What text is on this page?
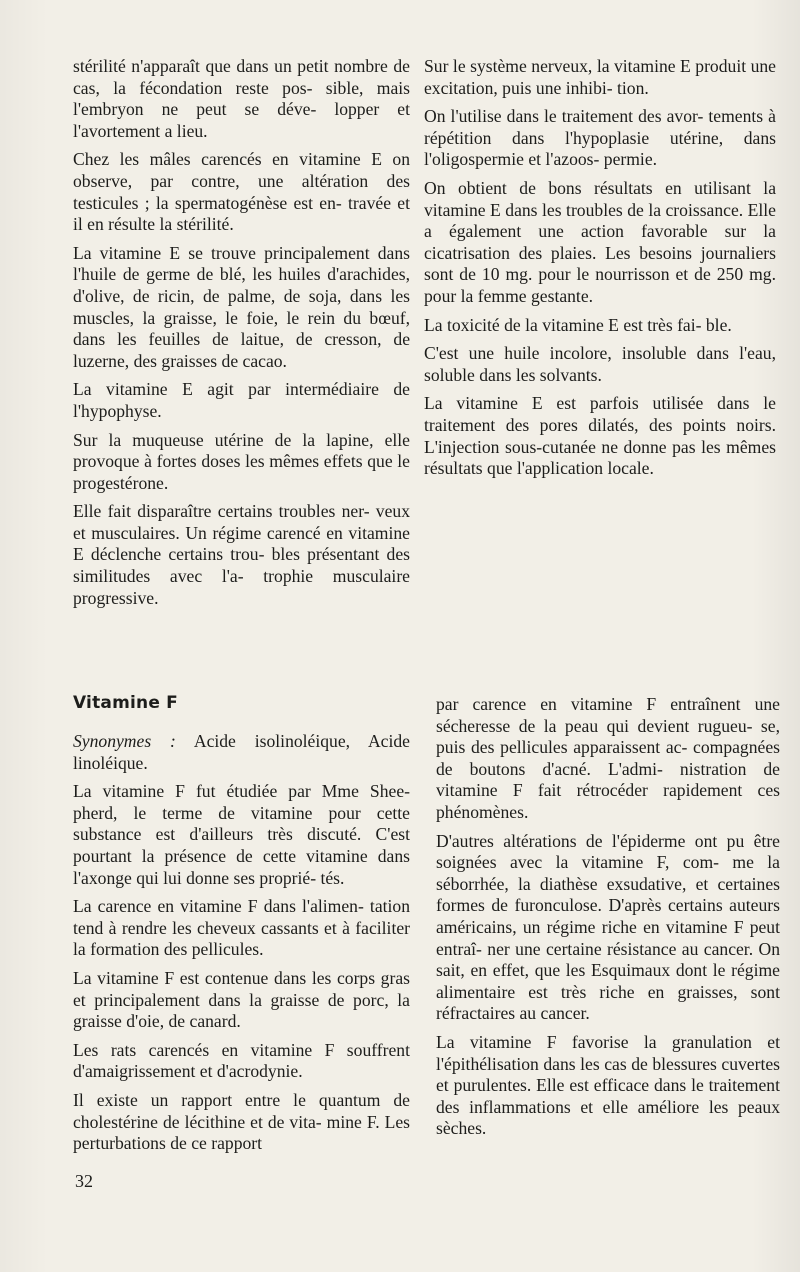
stérilité n'apparaît que dans un petit nombre de cas, la fécondation reste pos- sible, mais l'embryon ne peut se déve- lopper et l'avortement a lieu.

Chez les mâles carencés en vitamine E on observe, par contre, une altération des testicules ; la spermatogénèse est en- travée et il en résulte la stérilité.

La vitamine E se trouve principalement dans l'huile de germe de blé, les huiles d'arachides, d'olive, de ricin, de palme, de soja, dans les muscles, la graisse, le foie, le rein du bœuf, dans les feuilles de laitue, de cresson, de luzerne, des graisses de cacao.

La vitamine E agit par intermédiaire de l'hypophyse.

Sur la muqueuse utérine de la lapine, elle provoque à fortes doses les mêmes effets que le progestérone.

Elle fait disparaître certains troubles ner- veux et musculaires. Un régime carencé en vitamine E déclenche certains trou- bles présentant des similitudes avec l'a- trophie musculaire progressive.

Sur le système nerveux, la vitamine E produit une excitation, puis une inhibi- tion.

On l'utilise dans le traitement des avor- tements à répétition dans l'hypoplasie utérine, dans l'oligospermie et l'azoos- permie.

On obtient de bons résultats en utilisant la vitamine E dans les troubles de la croissance. Elle a également une action favorable sur la cicatrisation des plaies. Les besoins journaliers sont de 10 mg. pour le nourrisson et de 250 mg. pour la femme gestante.

La toxicité de la vitamine E est très fai- ble.

C'est une huile incolore, insoluble dans l'eau, soluble dans les solvants.

La vitamine E est parfois utilisée dans le traitement des pores dilatés, des points noirs. L'injection sous-cutanée ne donne pas les mêmes résultats que l'application locale.

Vitamine F

Synonymes : Acide isolinoléique, Acide linoléique.

La vitamine F fut étudiée par Mme Shee- pherd, le terme de vitamine pour cette substance est d'ailleurs très discuté. C'est pourtant la présence de cette vitamine dans l'axonge qui lui donne ses proprié- tés.

La carence en vitamine F dans l'alimen- tation tend à rendre les cheveux cassants et à faciliter la formation des pellicules.

La vitamine F est contenue dans les corps gras et principalement dans la graisse de porc, la graisse d'oie, de canard.

Les rats carencés en vitamine F souffrent d'amaigrissement et d'acrodynie.

Il existe un rapport entre le quantum de cholestérine de lécithine et de vita- mine F. Les perturbations de ce rapport

par carence en vitamine F entraînent une sécheresse de la peau qui devient rugueu- se, puis des pellicules apparaissent ac- compagnées de boutons d'acné. L'admi- nistration de vitamine F fait rétrocéder rapidement ces phénomènes.

D'autres altérations de l'épiderme ont pu être soignées avec la vitamine F, com- me la séborrhée, la diathèse exsudative, et certaines formes de furonculose. D'après certains auteurs américains, un régime riche en vitamine F peut entraî- ner une certaine résistance au cancer. On sait, en effet, que les Esquimaux dont le régime alimentaire est très riche en graisses, sont réfractaires au cancer.

La vitamine F favorise la granulation et l'épithélisation dans les cas de blessures cuvertes et purulentes. Elle est efficace dans le traitement des inflammations et elle améliore les peaux sèches.

32
